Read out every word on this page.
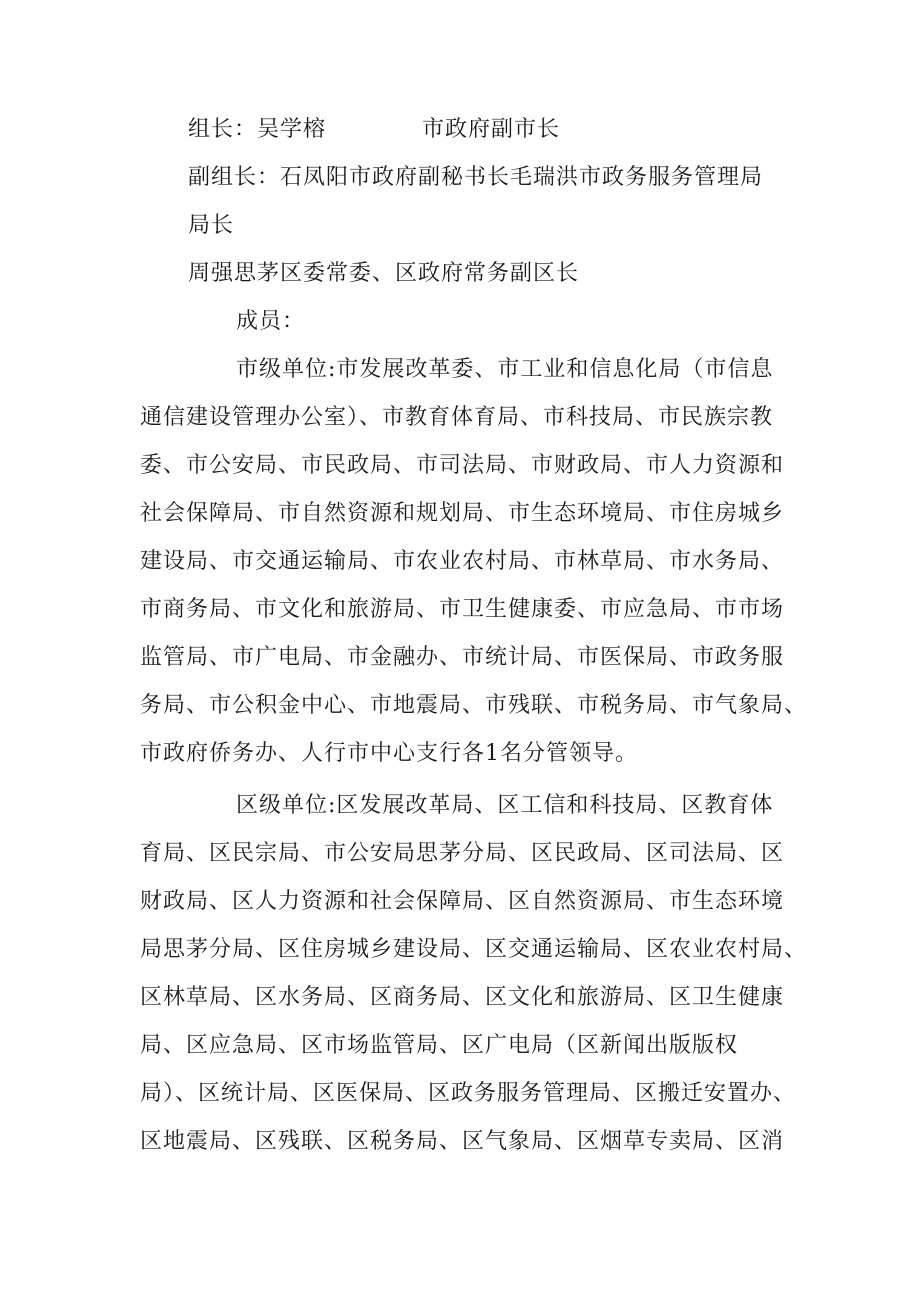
组长：吴学榕	市政府副市长
副组长：石凤阳市政府副秘书长毛瑞洪市政务服务管理局
局长
周强思茅区委常委、区政府常务副区长
成员：
市级单位:市发展改革委、市工业和信息化局（市信息
通信建设管理办公室）、市教育体育局、市科技局、市民族宗教
委、市公安局、市民政局、市司法局、市财政局、市人力资源和
社会保障局、市自然资源和规划局、市生态环境局、市住房城乡
建设局、市交通运输局、市农业农村局、市林草局、市水务局、
市商务局、市文化和旅游局、市卫生健康委、市应急局、市市场
监管局、市广电局、市金融办、市统计局、市医保局、市政务服
务局、市公积金中心、市地震局、市残联、市税务局、市气象局、
市政府侨务办、人行市中心支行各1名分管领导。
区级单位:区发展改革局、区工信和科技局、区教育体
育局、区民宗局、市公安局思茅分局、区民政局、区司法局、区
财政局、区人力资源和社会保障局、区自然资源局、市生态环境
局思茅分局、区住房城乡建设局、区交通运输局、区农业农村局、
区林草局、区水务局、区商务局、区文化和旅游局、区卫生健康
局、区应急局、区市场监管局、区广电局（区新闻出版版权
局）、区统计局、区医保局、区政务服务管理局、区搬迁安置办、
区地震局、区残联、区税务局、区气象局、区烟草专卖局、区消
